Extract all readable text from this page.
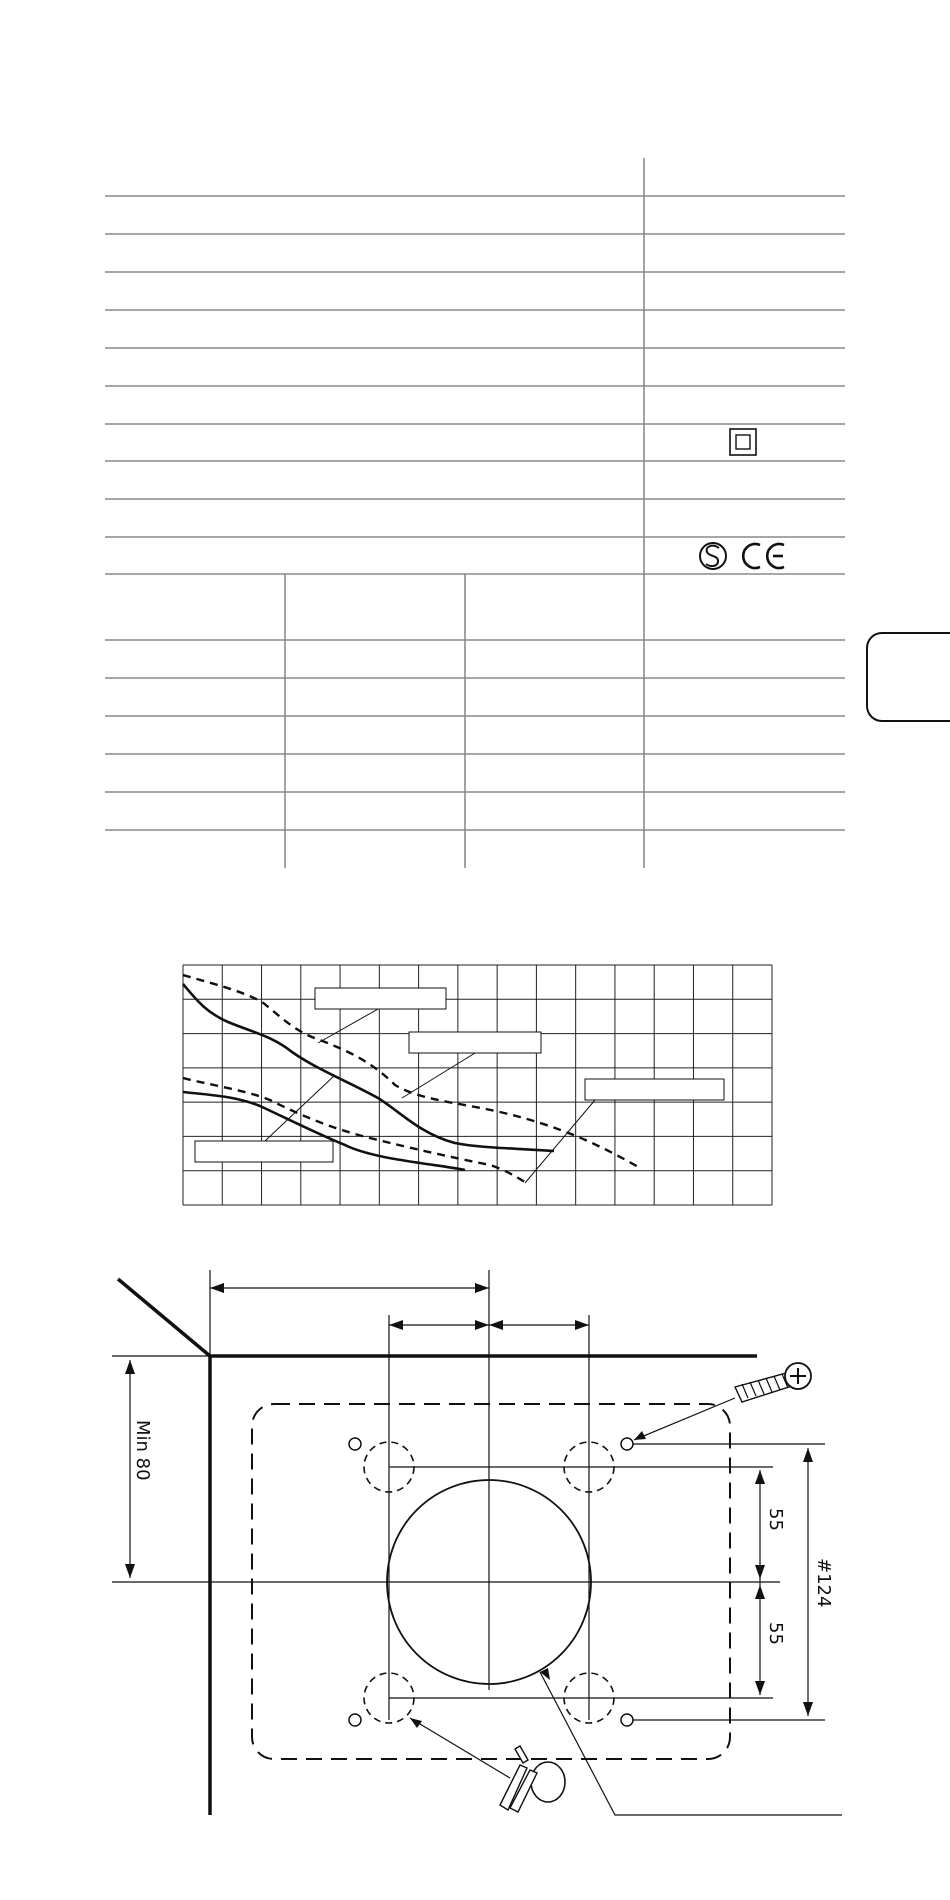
Min 80
55
55
#124
